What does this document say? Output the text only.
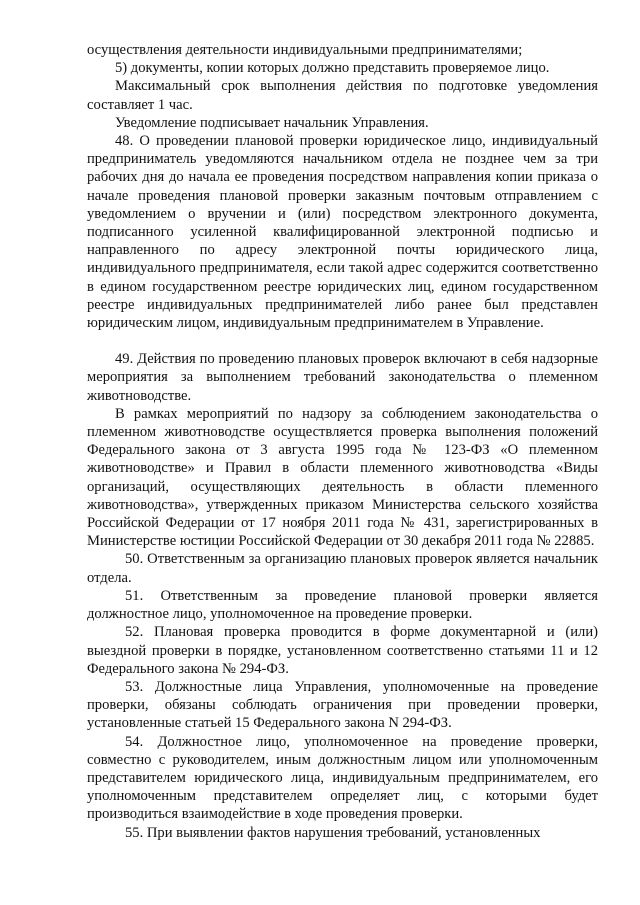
осуществления деятельности индивидуальными предпринимателями;

5) документы, копии которых должно представить проверяемое лицо.

Максимальный срок выполнения действия по подготовке уведомления составляет 1 час.

Уведомление подписывает начальник Управления.

48. О проведении плановой проверки юридическое лицо, индивидуальный предприниматель уведомляются начальником отдела не позднее чем за три рабочих дня до начала ее проведения посредством направления копии приказа о начале проведения плановой проверки заказным почтовым отправлением с уведомлением о вручении и (или) посредством электронного документа, подписанного усиленной квалифицированной электронной подписью и направленного по адресу электронной почты юридического лица, индивидуального предпринимателя, если такой адрес содержится соответственно в едином государственном реестре юридических лиц, едином государственном реестре индивидуальных предпринимателей либо ранее был представлен юридическим лицом, индивидуальным предпринимателем в Управление.

49. Действия по проведению плановых проверок включают в себя надзорные мероприятия за выполнением требований законодательства о племенном животноводстве.

В рамках мероприятий по надзору за соблюдением законодательства о племенном животноводстве осуществляется проверка выполнения положений Федерального закона от 3 августа 1995 года № 123-ФЗ «О племенном животноводстве» и Правил в области племенного животноводства «Виды организаций, осуществляющих деятельность в области племенного животноводства», утвержденных приказом Министерства сельского хозяйства Российской Федерации от 17 ноября 2011 года № 431, зарегистрированных в Министерстве юстиции Российской Федерации от 30 декабря 2011 года № 22885.

50. Ответственным за организацию плановых проверок является начальник отдела.

51. Ответственным за проведение плановой проверки является должностное лицо, уполномоченное на проведение проверки.

52. Плановая проверка проводится в форме документарной и (или) выездной проверки в порядке, установленном соответственно статьями 11 и 12 Федерального закона № 294-ФЗ.

53. Должностные лица Управления, уполномоченные на проведение проверки, обязаны соблюдать ограничения при проведении проверки, установленные статьей 15 Федерального закона N 294-ФЗ.

54. Должностное лицо, уполномоченное на проведение проверки, совместно с руководителем, иным должностным лицом или уполномоченным представителем юридического лица, индивидуальным предпринимателем, его уполномоченным представителем определяет лиц, с которыми будет производиться взаимодействие в ходе проведения проверки.

55. При выявлении фактов нарушения требований, установленных
